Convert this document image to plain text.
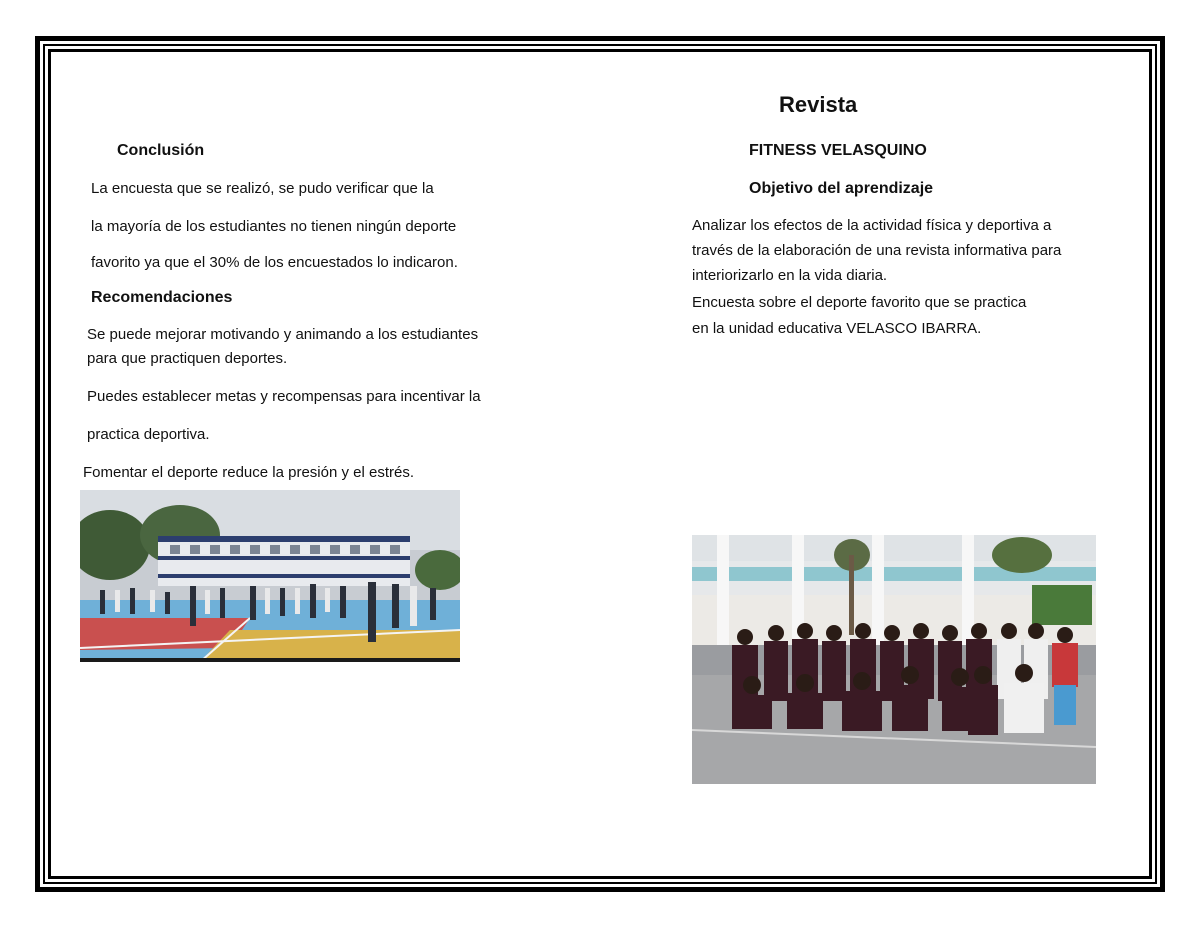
Conclusión
La encuesta que se realizó, se pudo verificar que la
la mayoría de los estudiantes no tienen ningún deporte
favorito ya que el 30% de los encuestados lo indicaron.
Recomendaciones
Se puede mejorar motivando y animando a los estudiantes
para que practiquen deportes.
Puedes establecer metas y recompensas para incentivar la
practica deportiva.
Fomentar el deporte reduce la presión y el estrés.
Revista
FITNESS VELASQUINO
Objetivo del aprendizaje
Analizar los efectos de la actividad física y deportiva a
través de la elaboración de una revista informativa para
interiorizarlo en la vida diaria.
Encuesta sobre el deporte favorito que se practica
en la unidad educativa VELASCO IBARRA.
